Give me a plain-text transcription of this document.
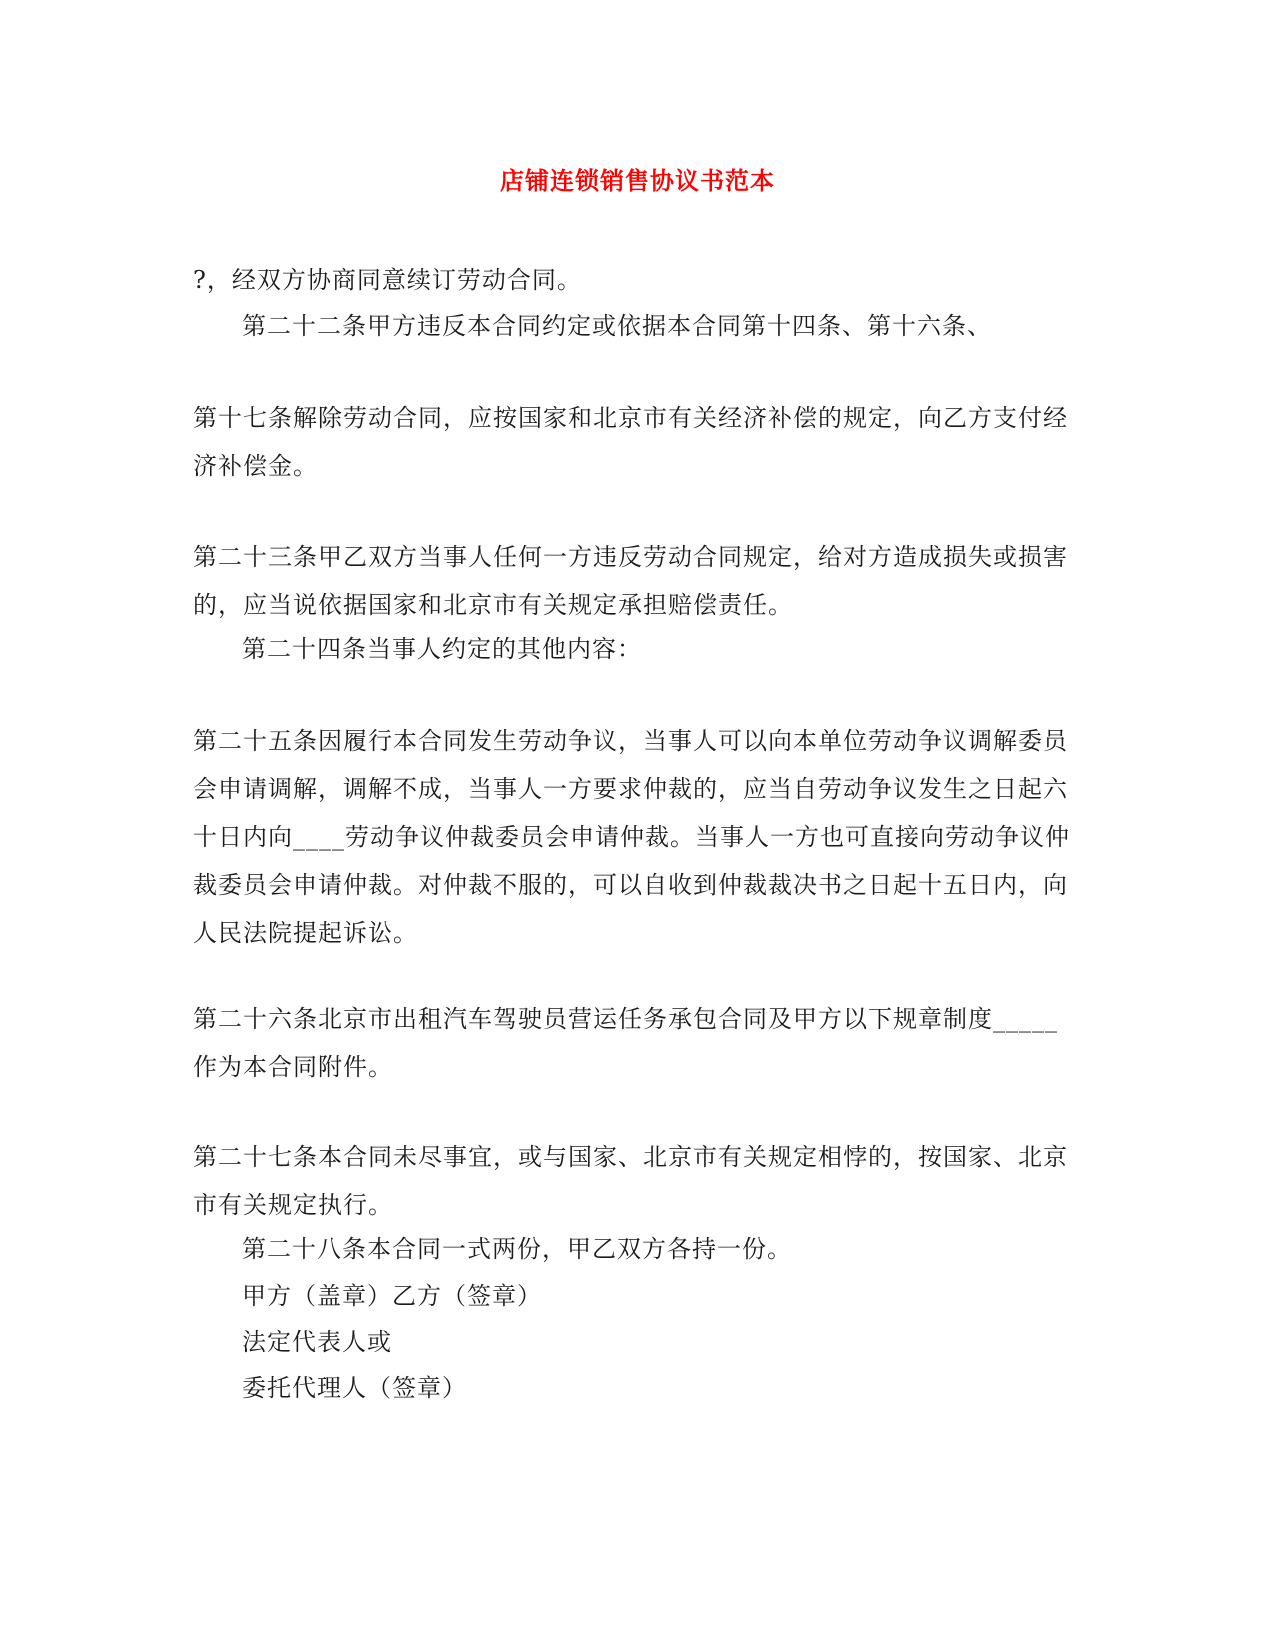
店铺连锁销售协议书范本
?，经双方协商同意续订劳动合同。
第二十二条甲方违反本合同约定或依据本合同第十四条、第十六条、
第十七条解除劳动合同，应按国家和北京市有关经济补偿的规定，向乙方支付经
济补偿金。
第二十三条甲乙双方当事人任何一方违反劳动合同规定，给对方造成损失或损害
的，应当说依据国家和北京市有关规定承担赔偿责任。
第二十四条当事人约定的其他内容：
第二十五条因履行本合同发生劳动争议，当事人可以向本单位劳动争议调解委员
会申请调解，调解不成，当事人一方要求仲裁的，应当自劳动争议发生之日起六
十日内向____劳动争议仲裁委员会申请仲裁。当事人一方也可直接向劳动争议仲
裁委员会申请仲裁。对仲裁不服的，可以自收到仲裁裁决书之日起十五日内，向
人民法院提起诉讼。
第二十六条北京市出租汽车驾驶员营运任务承包合同及甲方以下规章制度_____
作为本合同附件。
第二十七条本合同未尽事宜，或与国家、北京市有关规定相悖的，按国家、北京
市有关规定执行。
第二十八条本合同一式两份，甲乙双方各持一份。
甲方（盖章）乙方（签章）
法定代表人或
委托代理人（签章）
